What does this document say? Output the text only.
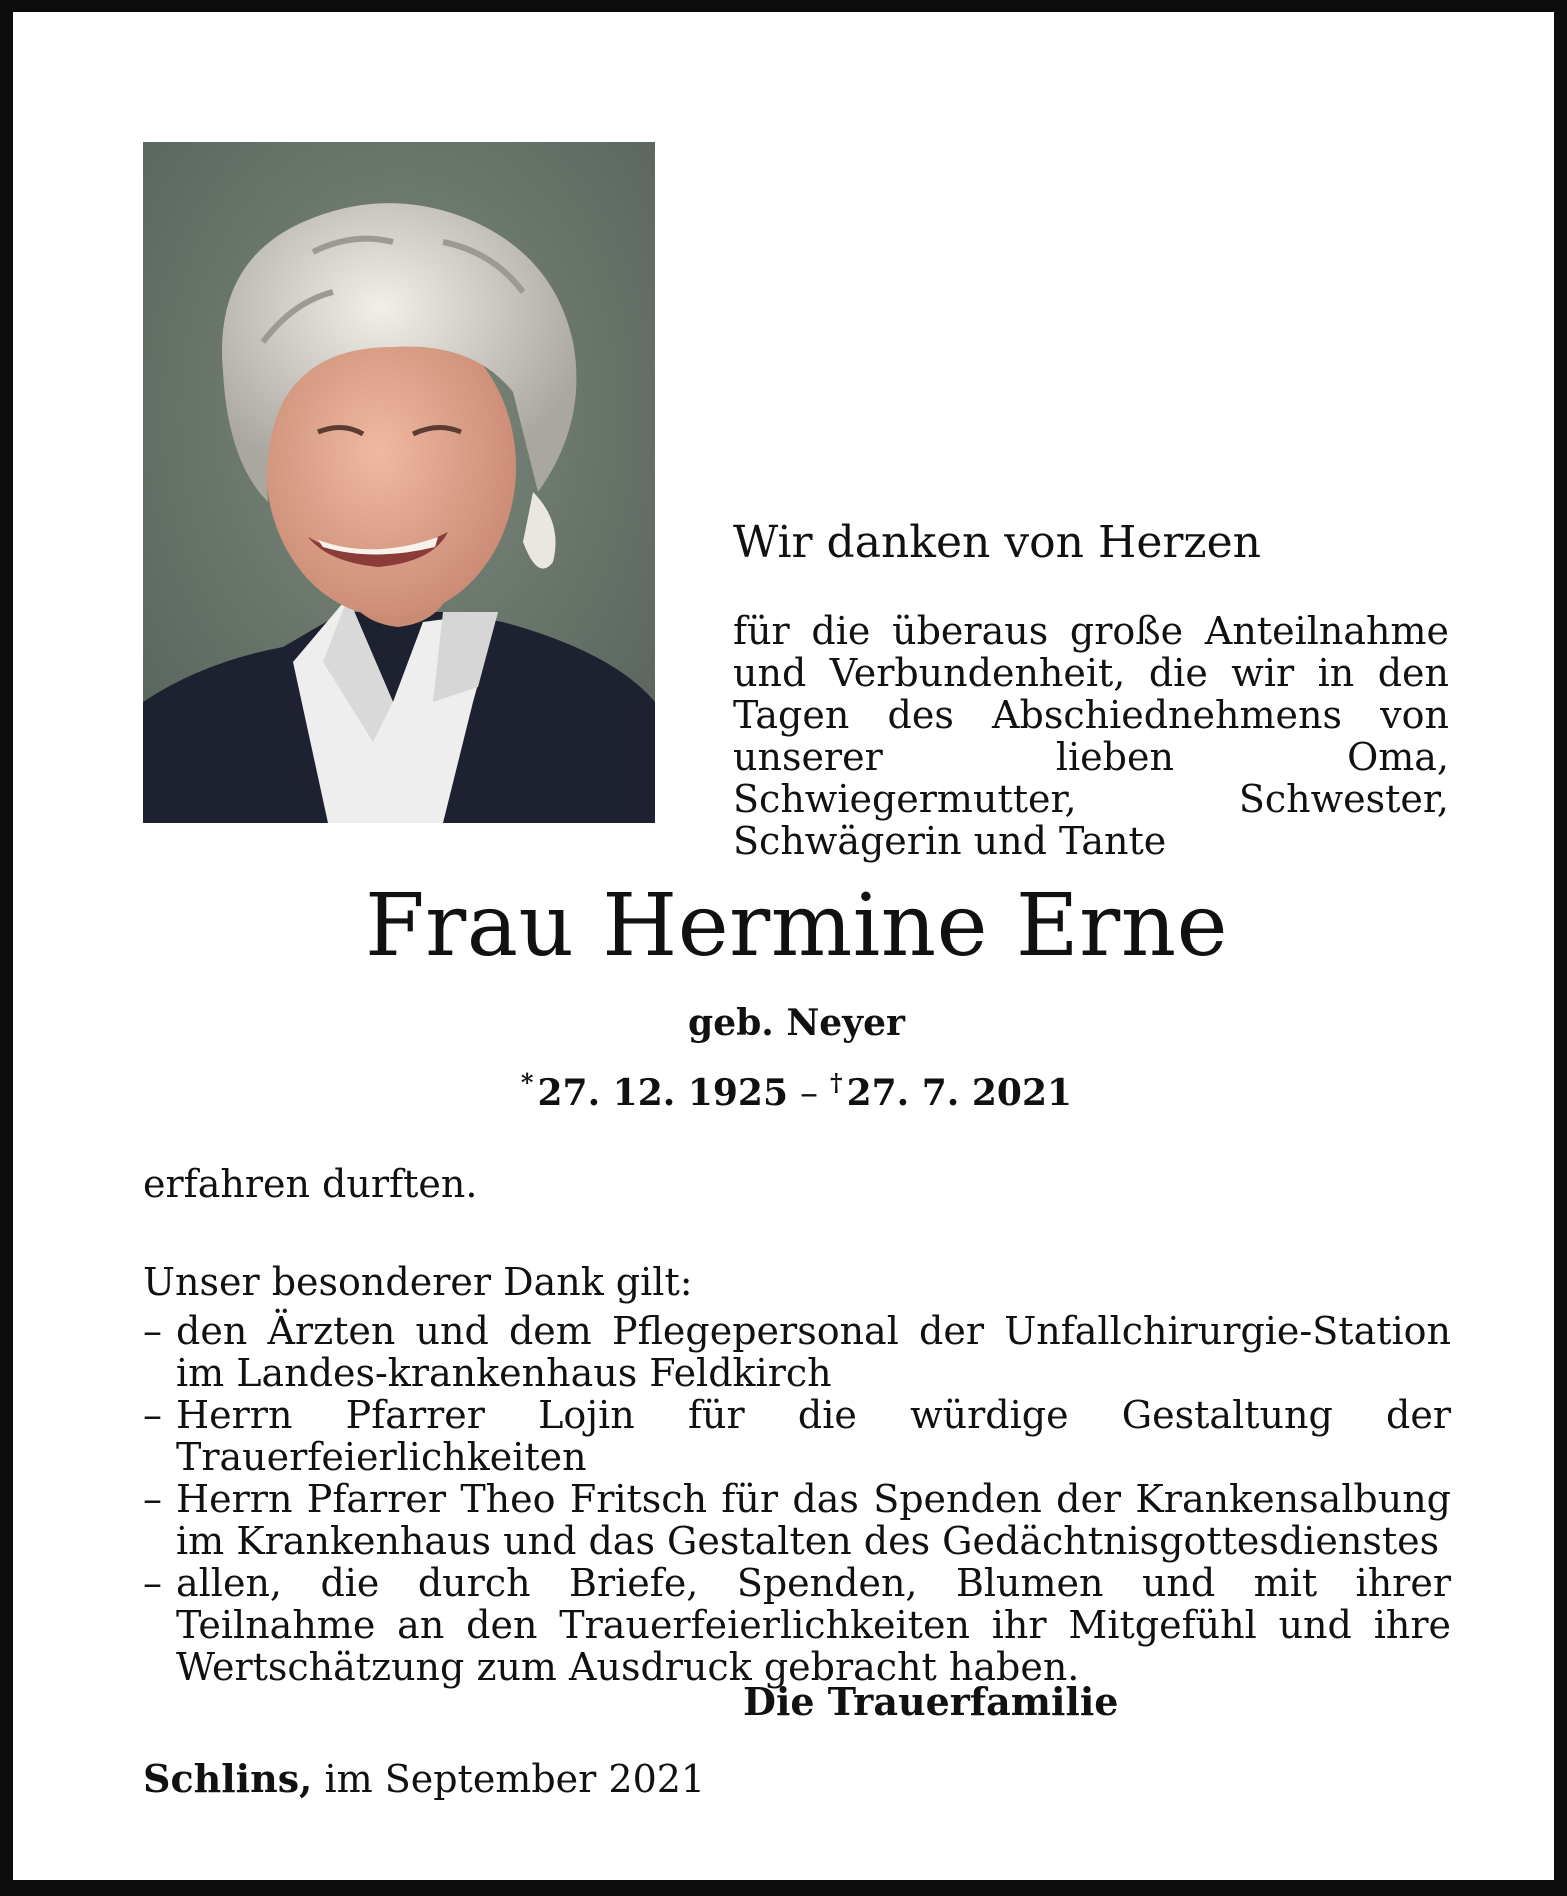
Wir danken von Herzen

für die überaus große Anteilnahme und Verbundenheit, die wir in den Tagen des Abschiednehmens von unserer lieben Oma, Schwiegermutter, Schwester, Schwägerin und Tante

Frau Hermine Erne
geb. Neyer
* 27. 12. 1925 – † 27. 7. 2021
erfahren durften.
Unser besonderer Dank gilt:
– den Ärzten und dem Pflegepersonal der Unfallchirurgie-Station im Landes-krankenhaus Feldkirch
– Herrn Pfarrer Lojin für die würdige Gestaltung der Trauerfeierlichkeiten
– Herrn Pfarrer Theo Fritsch für das Spenden der Krankensalbung im Krankenhaus und das Gestalten des Gedächtnisgottesdienstes
– allen, die durch Briefe, Spenden, Blumen und mit ihrer Teilnahme an den Trauerfeierlichkeiten ihr Mitgefühl und ihre Wertschätzung zum Ausdruck gebracht haben.
Die Trauerfamilie
Schlins, im September 2021
